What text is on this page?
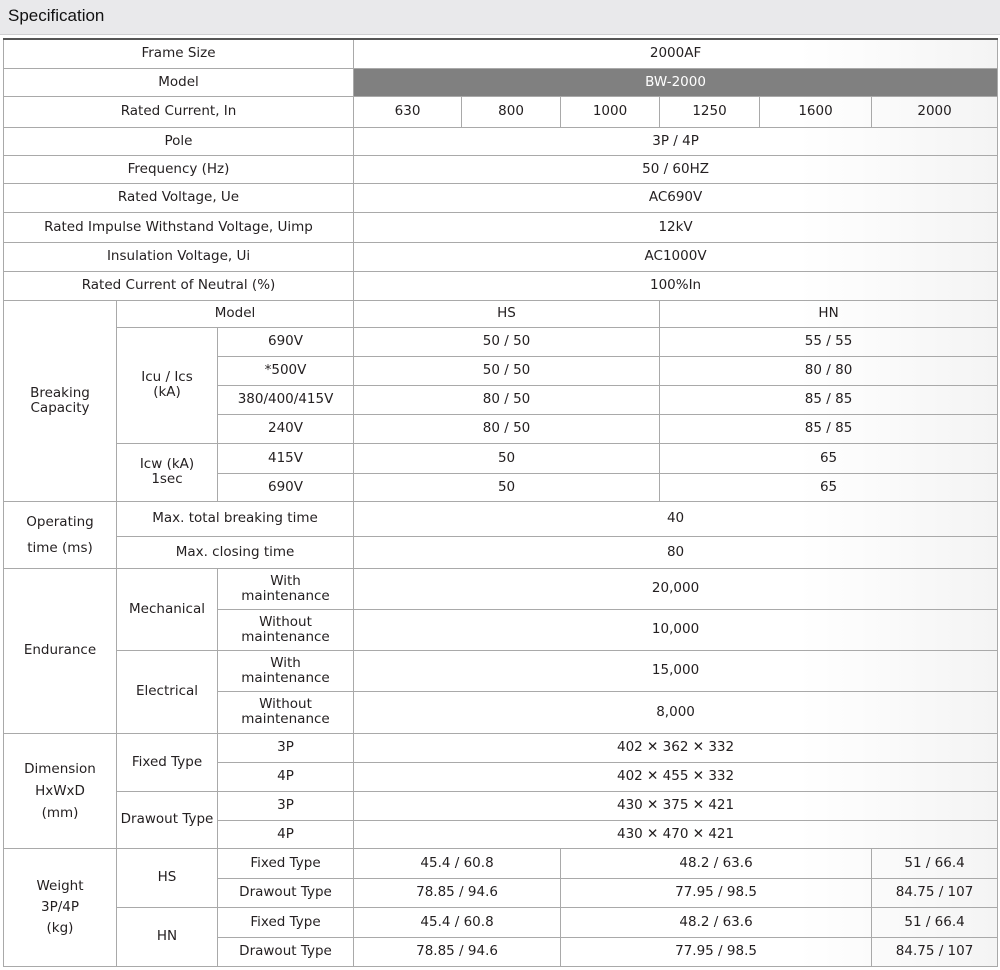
Specification
Frame Size			2000AF					
Model			BW-2000					
Rated Current, In			630	800	1000	1250	1600	2000
Pole			3P / 4P					
Frequency (Hz)			50 / 60HZ					
Rated Voltage, Ue			AC690V					
Rated Impulse Withstand Voltage, Uimp			12kV					
Insulation Voltage, Ui			AC1000V					
Rated Current of Neutral (%)			100%In					

Breaking
Capacity	Model		HS			HN		

	Icu / Ics
(kA)	690V	50 / 50			55 / 55		
		*500V	50 / 50			80 / 80		
		380/400/415V	80 / 50			85 / 85		
		240V	80 / 50			85 / 85		

	Icw (kA)
1sec	415V	50			65		
		690V	50			65		

Operating
time (ms)	Max. total breaking time		40					
	Max. closing time		80					
Endurance	Mechanical	With
maintenance	20,000					

		Without
maintenance	10,000					
	Electrical	With
maintenance	15,000					

		Without
maintenance	8,000					

Dimension
HxWxD
(mm)	Fixed Type	3P	402 ✕ 362 ✕ 332					
		4P	402 ✕ 455 ✕ 332					
	Drawout Type	3P	430 ✕ 375 ✕ 421					
		4P	430 ✕ 470 ✕ 421					

Weight
3P/4P
(kg)	HS	Fixed Type	45.4 / 60.8		48.2 / 63.6			51 / 66.4
		Drawout Type	78.85 / 94.6		77.95 / 98.5			84.75 / 107
	HN	Fixed Type	45.4 / 60.8		48.2 / 63.6			51 / 66.4
		Drawout Type	78.85 / 94.6		77.95 / 98.5			84.75 / 107
